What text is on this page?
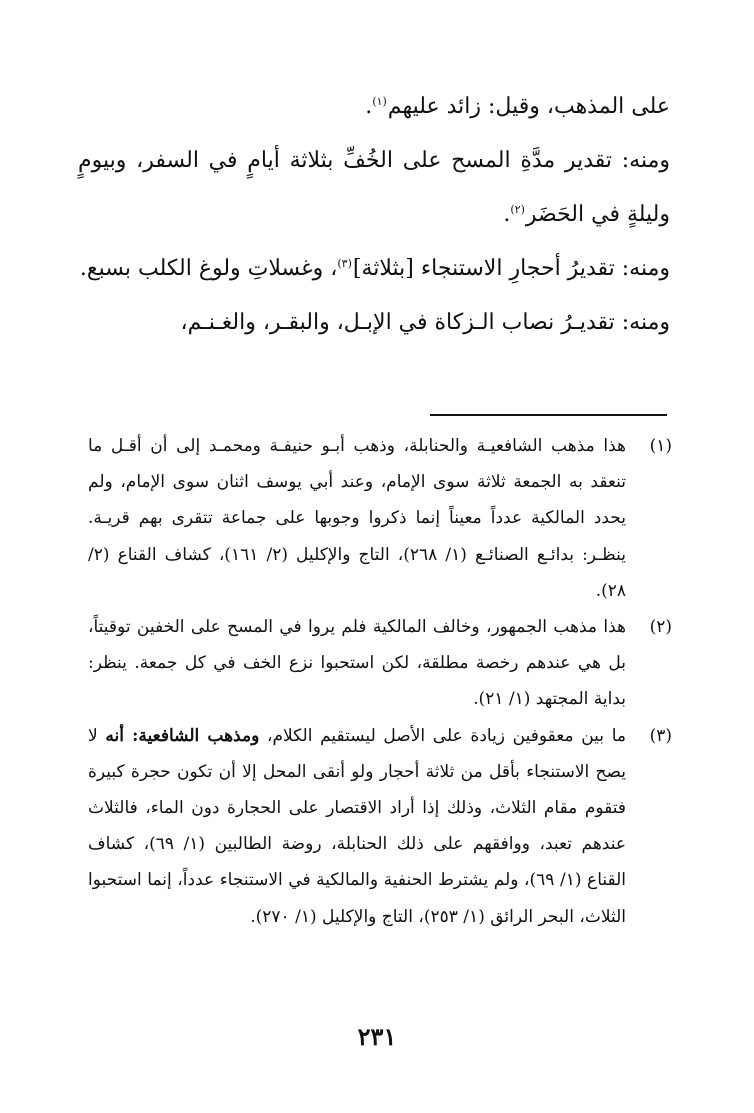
على المذهب، وقيل: زائد عليهم$^{(١)}$.

ومنه: تقدير مدَّةِ المسح على الخُفِّ بثلاثة أيامٍ في السفر، وبيومٍ وليلةٍ في الحَضَر$^{(٢)}$.

ومنه: تقديرُ أحجارِ الاستنجاء [بثلاثة]$^{(٣)}$، وغسلاتِ ولوغ الكلب بسبع.

ومنه: تقديـرُ نصاب الـزكاة في الإبـل، والبقـر، والغـنـم،

(١)
هذا مذهب الشافعيـة والحنابلة، وذهب أبـو حنيفـة ومحمـد إلى أن أقـل ما تنعقد به الجمعة ثلاثة سوى الإمام، وعند أبي يوسف اثنان سوى الإمام، ولم يحدد المالكية عدداً معيناً إنما ذكروا وجوبها على جماعة تتقرى بهم قريـة. ينظـر: بدائـع الصنائـع (١/ ٢٦٨)، التاج والإكليل (٢/ ١٦١)، كشاف القناع (٢/ ٢٨).
(٢)
هذا مذهب الجمهور، وخالف المالكية فلم يروا في المسح على الخفين توقيتاً، بل هي عندهم رخصة مطلقة، لكن استحبوا نزع الخف في كل جمعة. ينظر: بداية المجتهد (١/ ٢١).
(٣)
ما بين معقوفين زيادة على الأصل ليستقيم الكلام، ومذهب الشافعية: أنه لا يصح الاستنجاء بأقل من ثلاثة أحجار ولو أنقى المحل إلا أن تكون حجرة كبيرة فتقوم مقام الثلاث، وذلك إذا أراد الاقتصار على الحجارة دون الماء، فالثلاث عندهم تعبد، ووافقهم على ذلك الحنابلة، روضة الطالبين (١/ ٦٩)، كشاف القناع (١/ ٦٩)، ولم يشترط الحنفية والمالكية في الاستنجاء عدداً، إنما استحبوا الثلاث، البحر الرائق (١/ ٢٥٣)، التاج والإكليل (١/ ٢٧٠).
٢٣١
